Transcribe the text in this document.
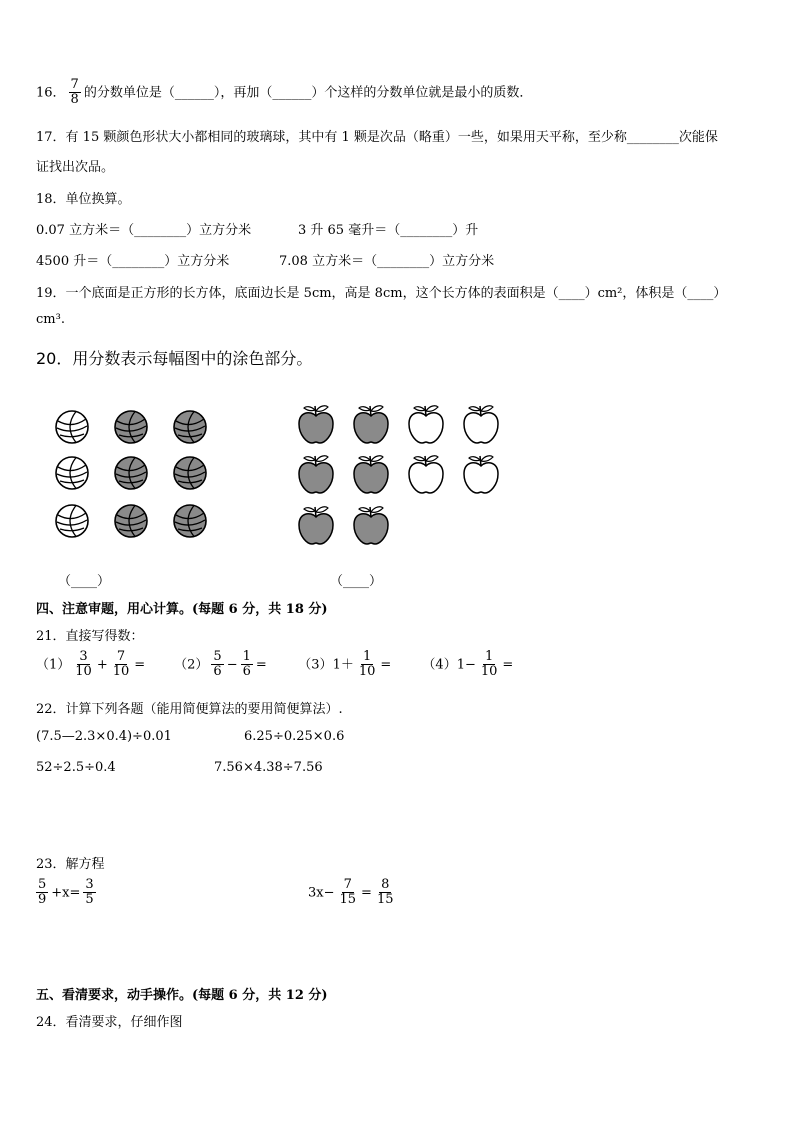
16． $\frac{7}{8}$ 的分数单位是（______），再加（______）个这样的分数单位就是最小的质数．
17．有 15 颗颜色形状大小都相同的玻璃球，其中有 1 颗是次品（略重）一些，如果用天平称，至少称________次能保
证找出次品。
18．单位换算。
0.07 立方米＝（________）立方分米	3 升 65 毫升＝（________）升
4500 升＝（________）立方分米	7.08 立方米＝（________）立方分米
19．一个底面是正方形的长方体，底面边长是 5cm，高是 8cm，这个长方体的表面积是（____）cm²，体积是（____）
cm³.
20．用分数表示每幅图中的涂色部分。
（____）	（____）
四、注意审题，用心计算。(每题 6 分，共 18 分)
21．直接写得数：
$(1) \frac{3}{10} + \frac{7}{10} = (2) \frac{5}{6} - \frac{1}{6} = (3)1+ \frac{1}{10} = (4)1- \frac{1}{10}$ =
22．计算下列各题（能用简便算法的要用简便算法）.
(7.5—2.3×0.4)÷0.01	6.25÷0.25×0.6
52÷2.5÷0.4	7.56×4.38÷7.56
23．解方程
$\frac{5}{9} +x= \frac{3}{5}$	$3x- \frac{7}{15} = \frac{8}{15}$
五、看清要求，动手操作。(每题 6 分，共 12 分)
24．看清要求，仔细作图
